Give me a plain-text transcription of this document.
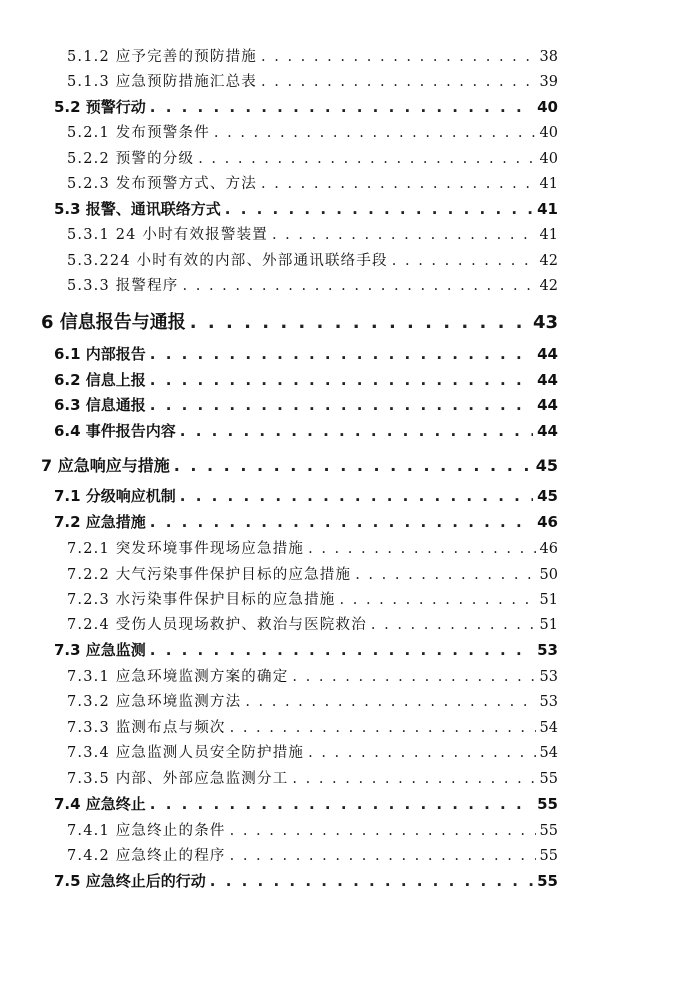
5.1.2 应予完善的预防措施 . . .	38
5.1.3 应急预防措施汇总表 . . .	39
5.2 预警行动 . . .	40
5.2.1 发布预警条件 . . .	40
5.2.2 预警的分级 . . .	40
5.2.3 发布预警方式、方法 . . .	41
5.3 报警、通讯联络方式 . . .	41
5.3.1 24 小时有效报警装置 . . .	41
5.3.224 小时有效的内部、外部通讯联络手段 . . .	42
5.3.3 报警程序 . . .	42
6 信息报告与通报 . . .	43
6.1 内部报告 . . .	44
6.2 信息上报 . . .	44
6.3 信息通报 . . .	44
6.4 事件报告内容 . . .	44
7 应急响应与措施 . . .	45
7.1 分级响应机制 . . .	45
7.2 应急措施 . . .	46
7.2.1 突发环境事件现场应急措施 . . .	46
7.2.2 大气污染事件保护目标的应急措施 . . .	50
7.2.3 水污染事件保护目标的应急措施 . . .	51
7.2.4 受伤人员现场救护、救治与医院救治 . . .	51
7.3 应急监测 . . .	53
7.3.1 应急环境监测方案的确定 . . .	53
7.3.2 应急环境监测方法 . . .	53
7.3.3 监测布点与频次 . . .	54
7.3.4 应急监测人员安全防护措施 . . .	54
7.3.5 内部、外部应急监测分工 . . .	55
7.4 应急终止 . . .	55
7.4.1 应急终止的条件 . . .	55
7.4.2 应急终止的程序 . . .	55
7.5 应急终止后的行动 . . .	55
